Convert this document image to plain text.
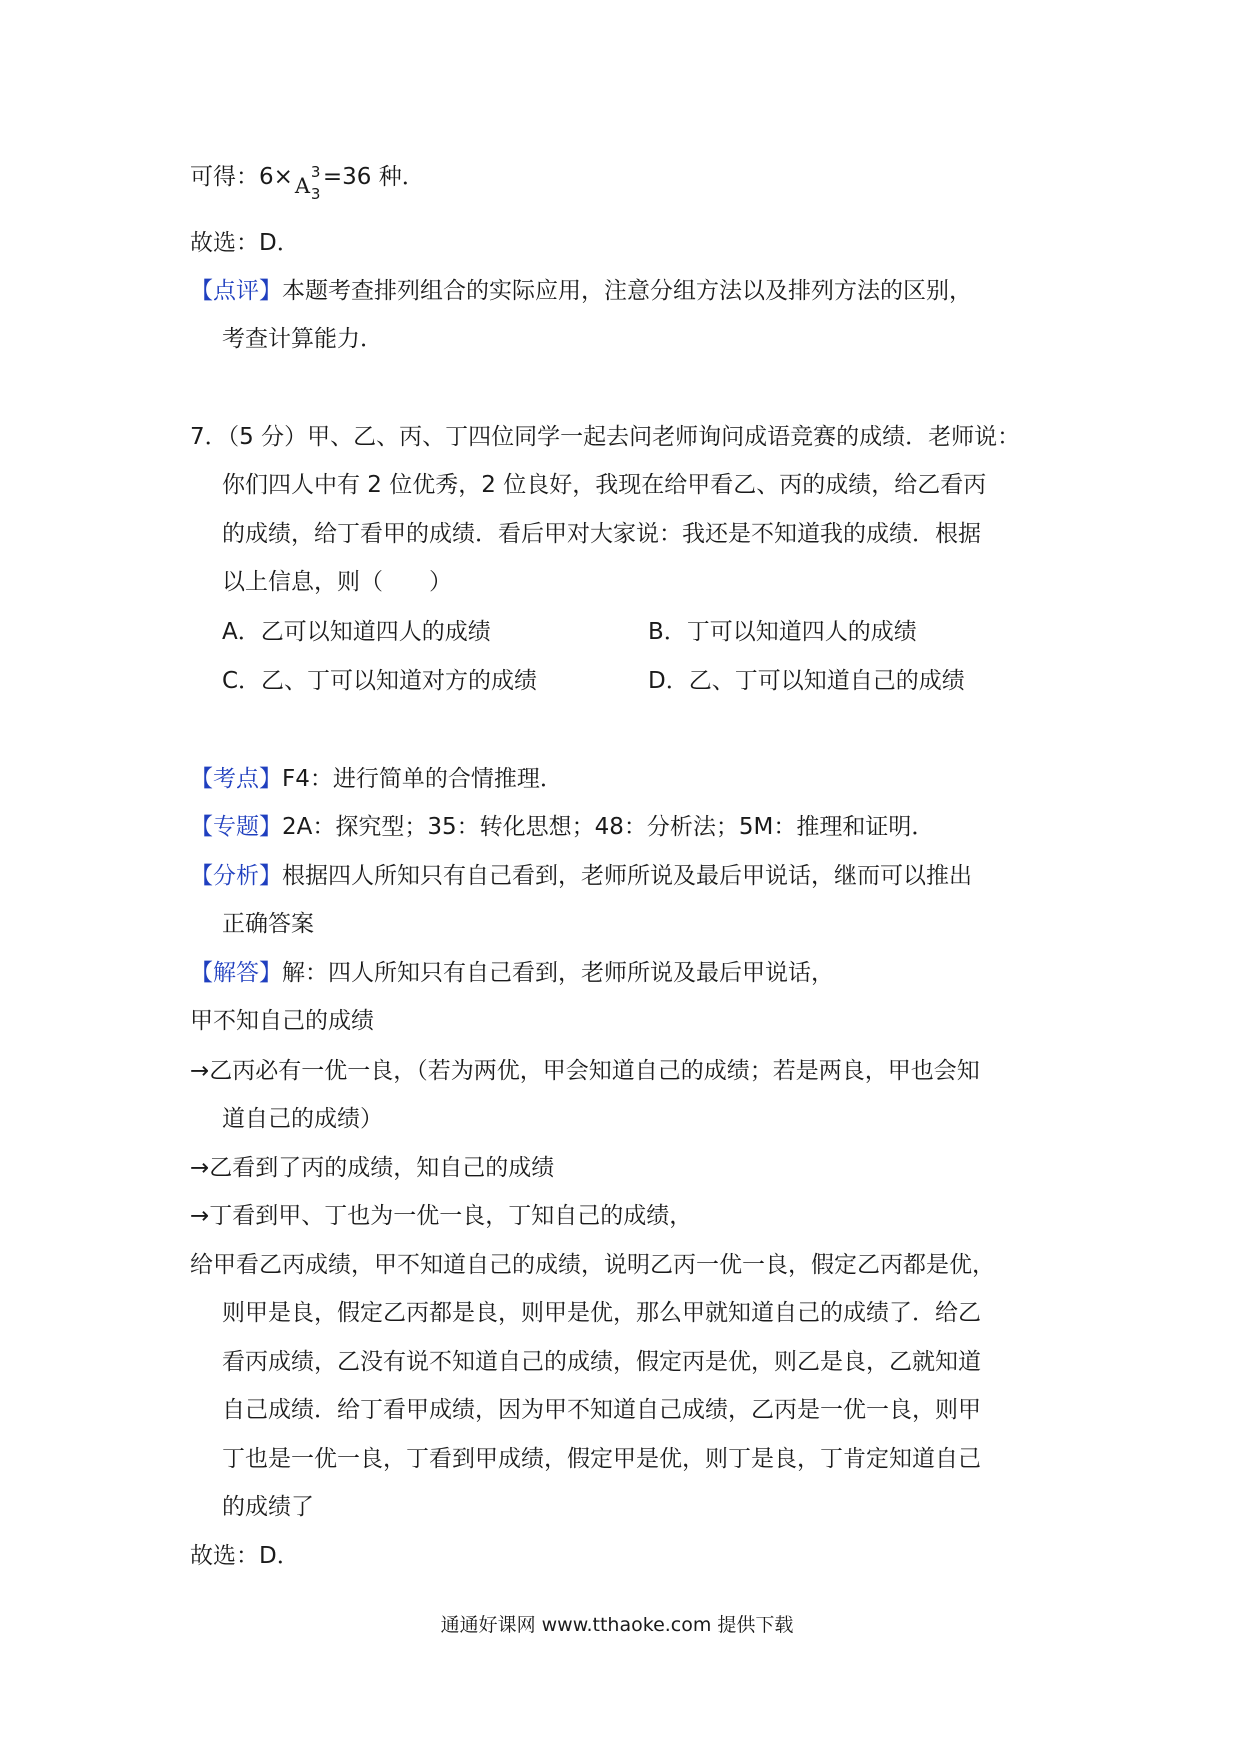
可得：6× A
3
3
=36 种．
故选：D．
【点评】本题考查排列组合的实际应用，注意分组方法以及排列方法的区别，
考查计算能力．
7．（5 分）甲、乙、丙、丁四位同学一起去问老师询问成语竞赛的成绩．老师说：
你们四人中有 2 位优秀，2 位良好，我现在给甲看乙、丙的成绩，给乙看丙
的成绩，给丁看甲的成绩．看后甲对大家说：我还是不知道我的成绩．根据
以上信息，则（　　）
A．乙可以知道四人的成绩	B．丁可以知道四人的成绩
C．乙、丁可以知道对方的成绩	D．乙、丁可以知道自己的成绩
【考点】F4：进行简单的合情推理．
【专题】2A：探究型；35：转化思想；48：分析法；5M：推理和证明．
【分析】根据四人所知只有自己看到，老师所说及最后甲说话，继而可以推出
正确答案
【解答】解：四人所知只有自己看到，老师所说及最后甲说话，
甲不知自己的成绩
→乙丙必有一优一良，（若为两优，甲会知道自己的成绩；若是两良，甲也会知
道自己的成绩）
→乙看到了丙的成绩，知自己的成绩
→丁看到甲、丁也为一优一良，丁知自己的成绩，
给甲看乙丙成绩，甲不知道自己的成绩，说明乙丙一优一良，假定乙丙都是优，
则甲是良，假定乙丙都是良，则甲是优，那么甲就知道自己的成绩了．给乙
看丙成绩，乙没有说不知道自己的成绩，假定丙是优，则乙是良，乙就知道
自己成绩．给丁看甲成绩，因为甲不知道自己成绩，乙丙是一优一良，则甲
丁也是一优一良，丁看到甲成绩，假定甲是优，则丁是良，丁肯定知道自己
的成绩了
故选：D．
通通好课网 www.tthaoke.com 提供下载
